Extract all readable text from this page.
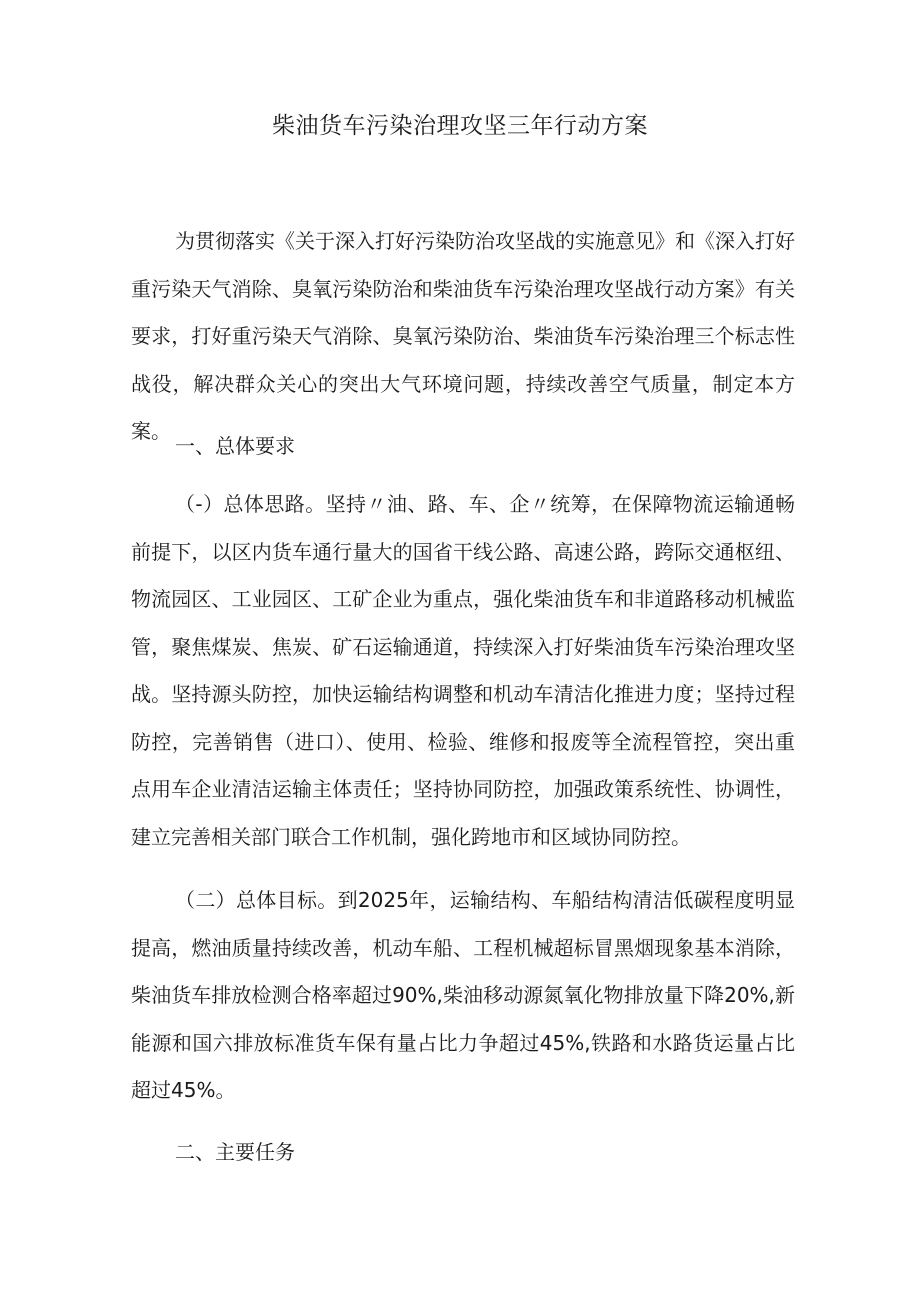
柴油货车污染治理攻坚三年行动方案

为贯彻落实《关于深入打好污染防治攻坚战的实施意见》和《深入打好重污染天气消除、臭氧污染防治和柴油货车污染治理攻坚战行动方案》有关要求，打好重污染天气消除、臭氧污染防治、柴油货车污染治理三个标志性战役，解决群众关心的突出大气环境问题，持续改善空气质量，制定本方案。

一、总体要求

（-）总体思路。坚持〃油、路、车、企〃统筹，在保障物流运输通畅前提下，以区内货车通行量大的国省干线公路、高速公路，跨际交通枢纽、物流园区、工业园区、工矿企业为重点，强化柴油货车和非道路移动机械监管，聚焦煤炭、焦炭、矿石运输通道，持续深入打好柴油货车污染治理攻坚战。坚持源头防控，加快运输结构调整和机动车清洁化推进力度；坚持过程防控，完善销售（进口）、使用、检验、维修和报废等全流程管控，突出重点用车企业清洁运输主体责任；坚持协同防控，加强政策系统性、协调性，建立完善相关部门联合工作机制，强化跨地市和区域协同防控。

（二）总体目标。到2025年，运输结构、车船结构清洁低碳程度明显提高，燃油质量持续改善，机动车船、工程机械超标冒黑烟现象基本消除，柴油货车排放检测合格率超过90%,柴油移动源氮氧化物排放量下降20%,新能源和国六排放标准货车保有量占比力争超过45%,铁路和水路货运量占比超过45%。

二、主要任务
